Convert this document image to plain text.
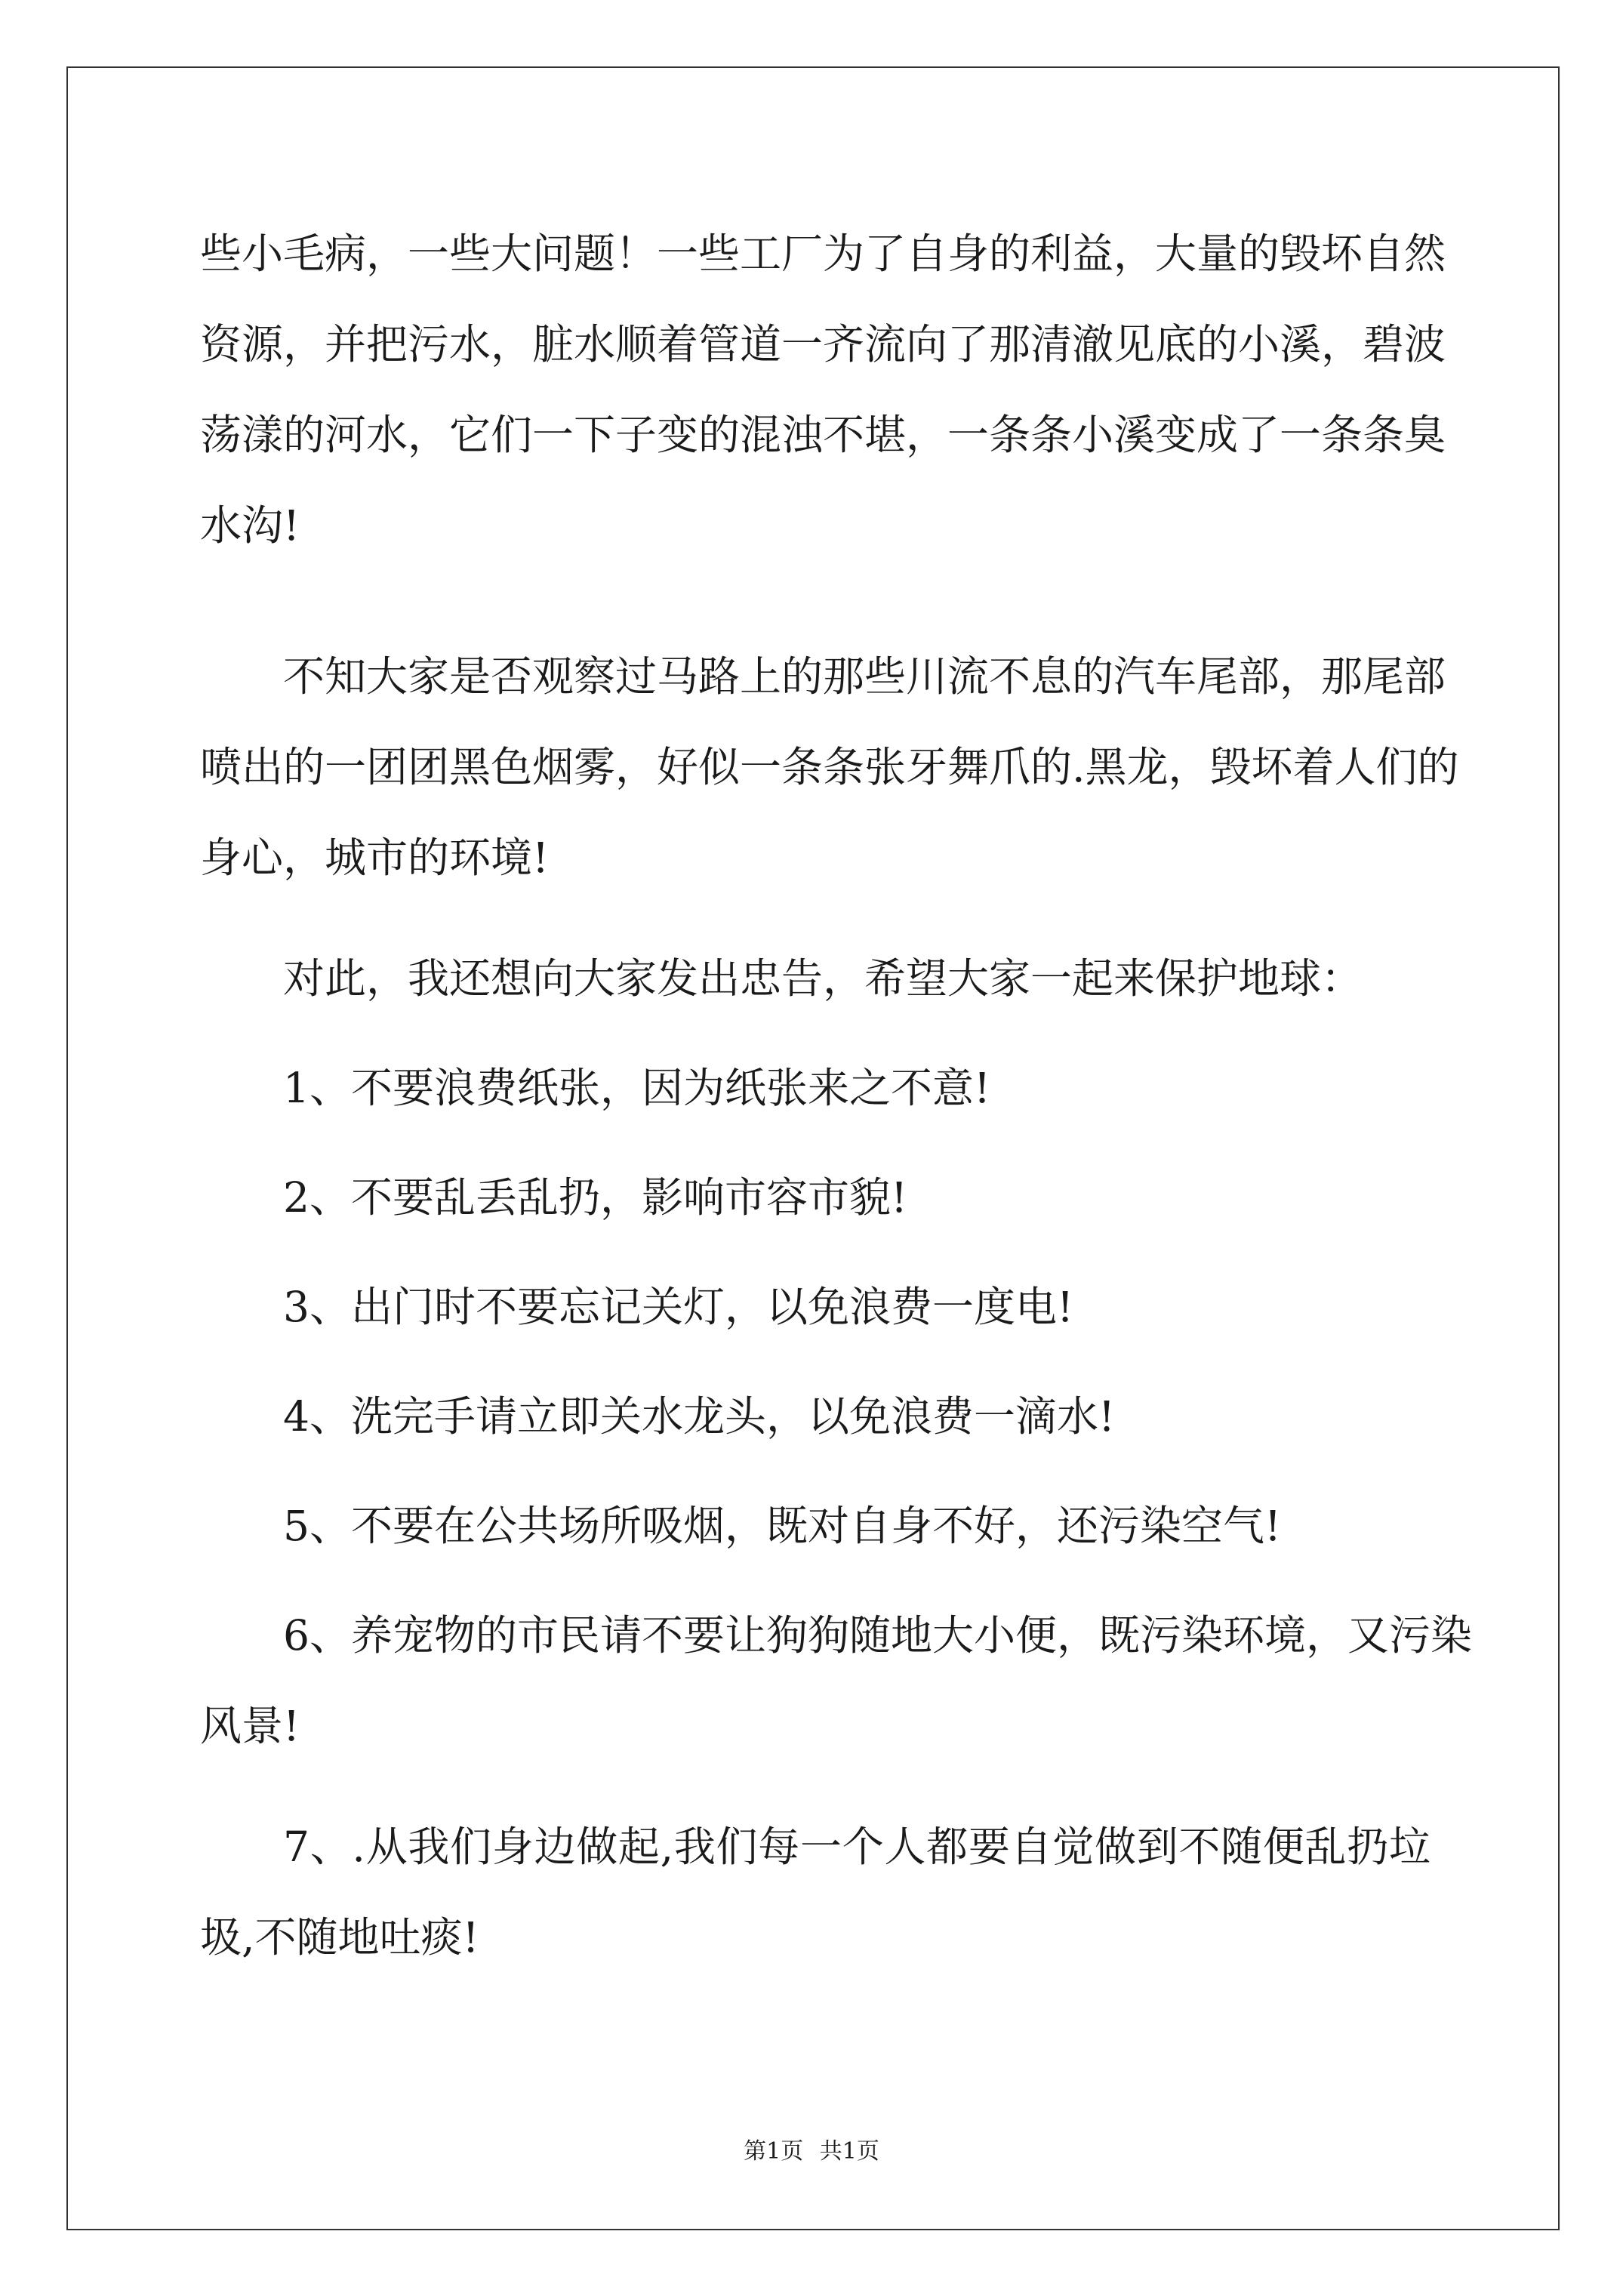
些小毛病，一些大问题！一些工厂为了自身的利益，大量的毁坏自然
资源，并把污水，脏水顺着管道一齐流向了那清澈见底的小溪，碧波
荡漾的河水，它们一下子变的混浊不堪，一条条小溪变成了一条条臭
水沟!
不知大家是否观察过马路上的那些川流不息的汽车尾部，那尾部
喷出的一团团黑色烟雾，好似一条条张牙舞爪的.黑龙，毁坏着人们的
身心，城市的环境!
对此，我还想向大家发出忠告，希望大家一起来保护地球：
1、不要浪费纸张，因为纸张来之不意!
2、不要乱丢乱扔，影响市容市貌!
3、出门时不要忘记关灯，以免浪费一度电!
4、洗完手请立即关水龙头，以免浪费一滴水!
5、不要在公共场所吸烟，既对自身不好，还污染空气!
6、养宠物的市民请不要让狗狗随地大小便，既污染环境，又污染
风景!
7、.从我们身边做起,我们每一个人都要自觉做到不随便乱扔垃
圾,不随地吐痰!
第1页 共1页
